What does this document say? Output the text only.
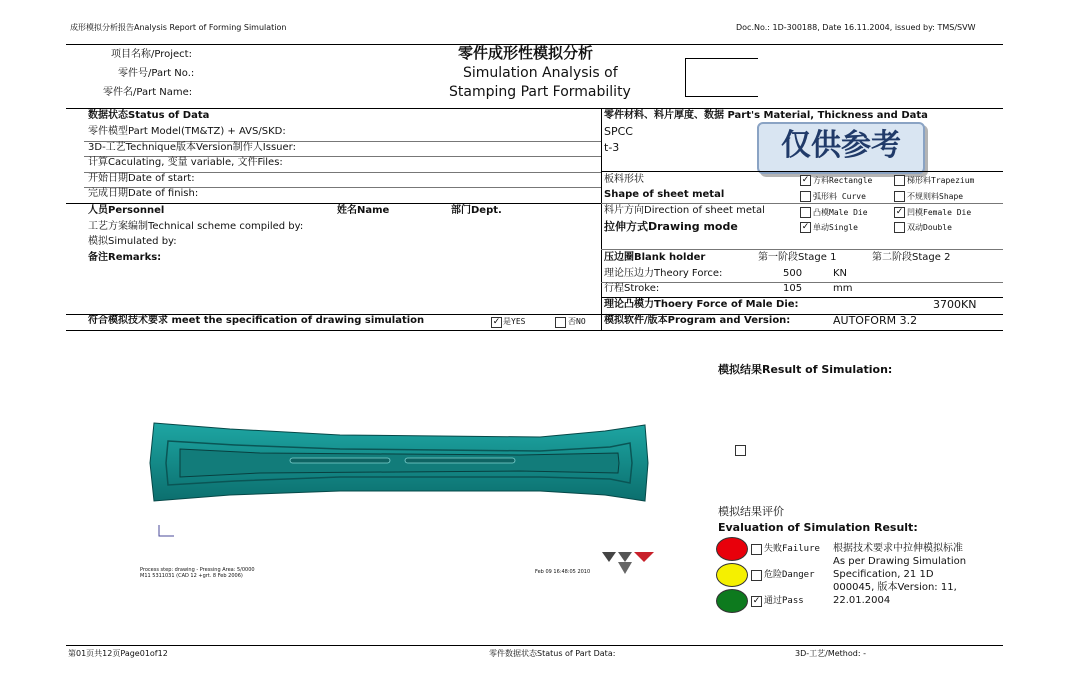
成形模拟分析报告Analysis Report of Forming Simulation	Doc.No.: 1D-300188, Date 16.11.2004, issued by: TMS/SVW
项目名称/Project:
零件号/Part No.:
零件名/Part Name:
零件成形性模拟分析
Simulation Analysis of
Stamping Part Formability
数据状态Status of Data
零件模型Part Model(TM&TZ) + AVS/SKD:
3D-工艺Technique版本Version制作人Issuer:
计算Caculating, 变量 variable, 文件Files:
开始日期Date of start:
完成日期Date of finish:
人员Personnel	姓名Name	部门Dept.
工艺方案编制Technical scheme compiled by:
模拟Simulated by:
备注Remarks:
符合模拟技术要求 meet the specification of drawing simulation	✓ 是YES	否NO
零件材料、料片厚度、数据 Part's Material, Thickness and Data
SPCC
t-3	仅供参考
板料形状
Shape of sheet metal
✓ 方料Rectangle	梯形料Trapezium
弧形料 Curve	不规则料Shape
料片方向Direction of sheet metal	凸模Male Die	✓ 凹模Female Die
拉伸方式Drawing mode	✓ 单动Single	双动Double
压边圈Blank holder	第一阶段Stage 1	第二阶段Stage 2
理论压边力Theory Force:	500	KN
行程Stroke:	105	mm
理论凸模力Thoery Force of Male Die:	3700KN
模拟软件/版本Program and Version:	AUTOFORM 3.2
Process step: drawing - Pressing Area: 5/0000
M11 5311031 (CAD 12 +grt. 8 Feb 2006)
Feb 09 16:48:05 2010
模拟结果Result of Simulation:
模拟结果评价
Evaluation of Simulation Result:
失败Failure
危险Danger
✓ 通过Pass
根据技术要求中拉伸模拟标准
As per Drawing Simulation
Specification, 21 1D
000045, 版本Version: 11,
22.01.2004
第01页共12页Page01of12	零件数据状态Status of Part Data:	3D-工艺/Method: -
